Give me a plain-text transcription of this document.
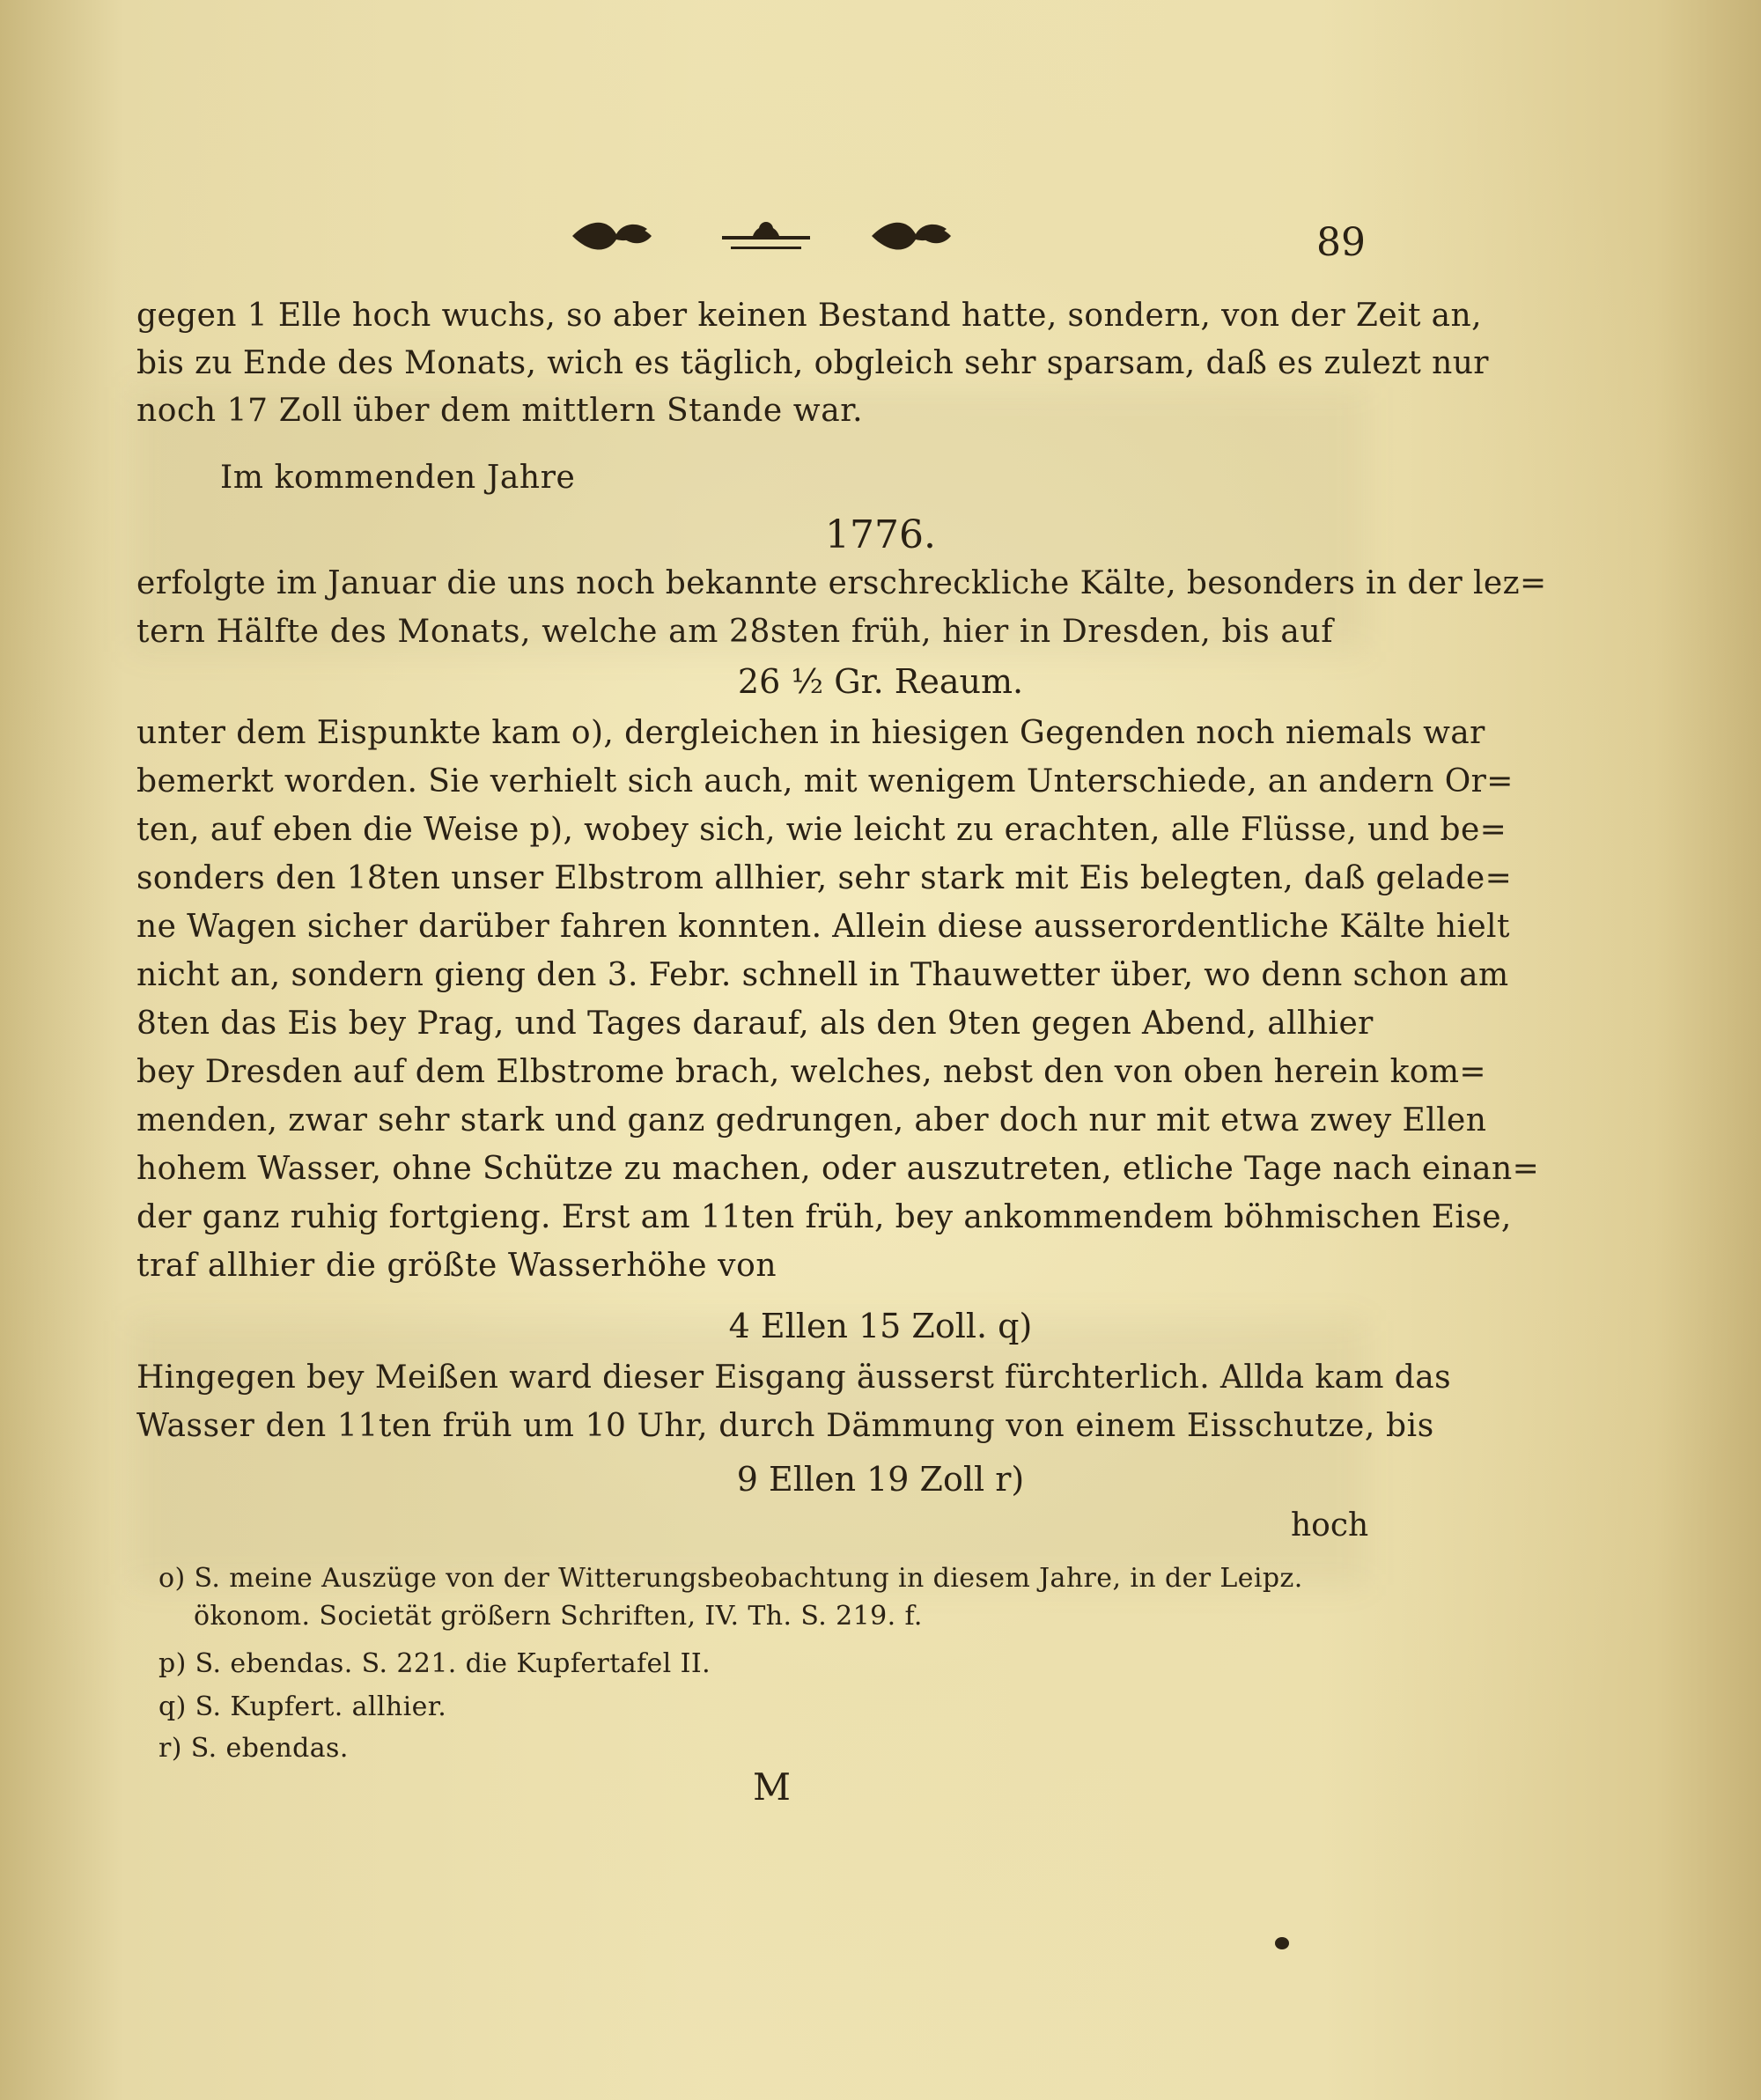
89
gegen 1 Elle hoch wuchs, so aber keinen Bestand hatte, sondern, von der Zeit an,
bis zu Ende des Monats, wich es täglich, obgleich sehr sparsam, daß es zulezt nur
noch 17 Zoll über dem mittlern Stande war.
Im kommenden Jahre
1776.
erfolgte im Januar die uns noch bekannte erschreckliche Kälte, besonders in der lez=
tern Hälfte des Monats, welche am 28sten früh, hier in Dresden, bis auf
26 ½ Gr. Reaum.
unter dem Eispunkte kam o), dergleichen in hiesigen Gegenden noch niemals war
bemerkt worden. Sie verhielt sich auch, mit wenigem Unterschiede, an andern Or=
ten, auf eben die Weise p), wobey sich, wie leicht zu erachten, alle Flüsse, und be=
sonders den 18ten unser Elbstrom allhier, sehr stark mit Eis belegten, daß gelade=
ne Wagen sicher darüber fahren konnten. Allein diese ausserordentliche Kälte hielt
nicht an, sondern gieng den 3. Febr. schnell in Thauwetter über, wo denn schon am
8ten das Eis bey Prag, und Tages darauf, als den 9ten gegen Abend, allhier
bey Dresden auf dem Elbstrome brach, welches, nebst den von oben herein kom=
menden, zwar sehr stark und ganz gedrungen, aber doch nur mit etwa zwey Ellen
hohem Wasser, ohne Schütze zu machen, oder auszutreten, etliche Tage nach einan=
der ganz ruhig fortgieng. Erst am 11ten früh, bey ankommendem böhmischen Eise,
traf allhier die größte Wasserhöhe von
4 Ellen 15 Zoll. q)
Hingegen bey Meißen ward dieser Eisgang äusserst fürchterlich. Allda kam das
Wasser den 11ten früh um 10 Uhr, durch Dämmung von einem Eisschutze, bis
9 Ellen 19 Zoll r)
hoch
o) S. meine Auszüge von der Witterungsbeobachtung in diesem Jahre, in der Leipz.
ökonom. Societät größern Schriften, IV. Th. S. 219. f.
p) S. ebendas. S. 221. die Kupfertafel II.
q) S. Kupfert. allhier.
r) S. ebendas.
M
